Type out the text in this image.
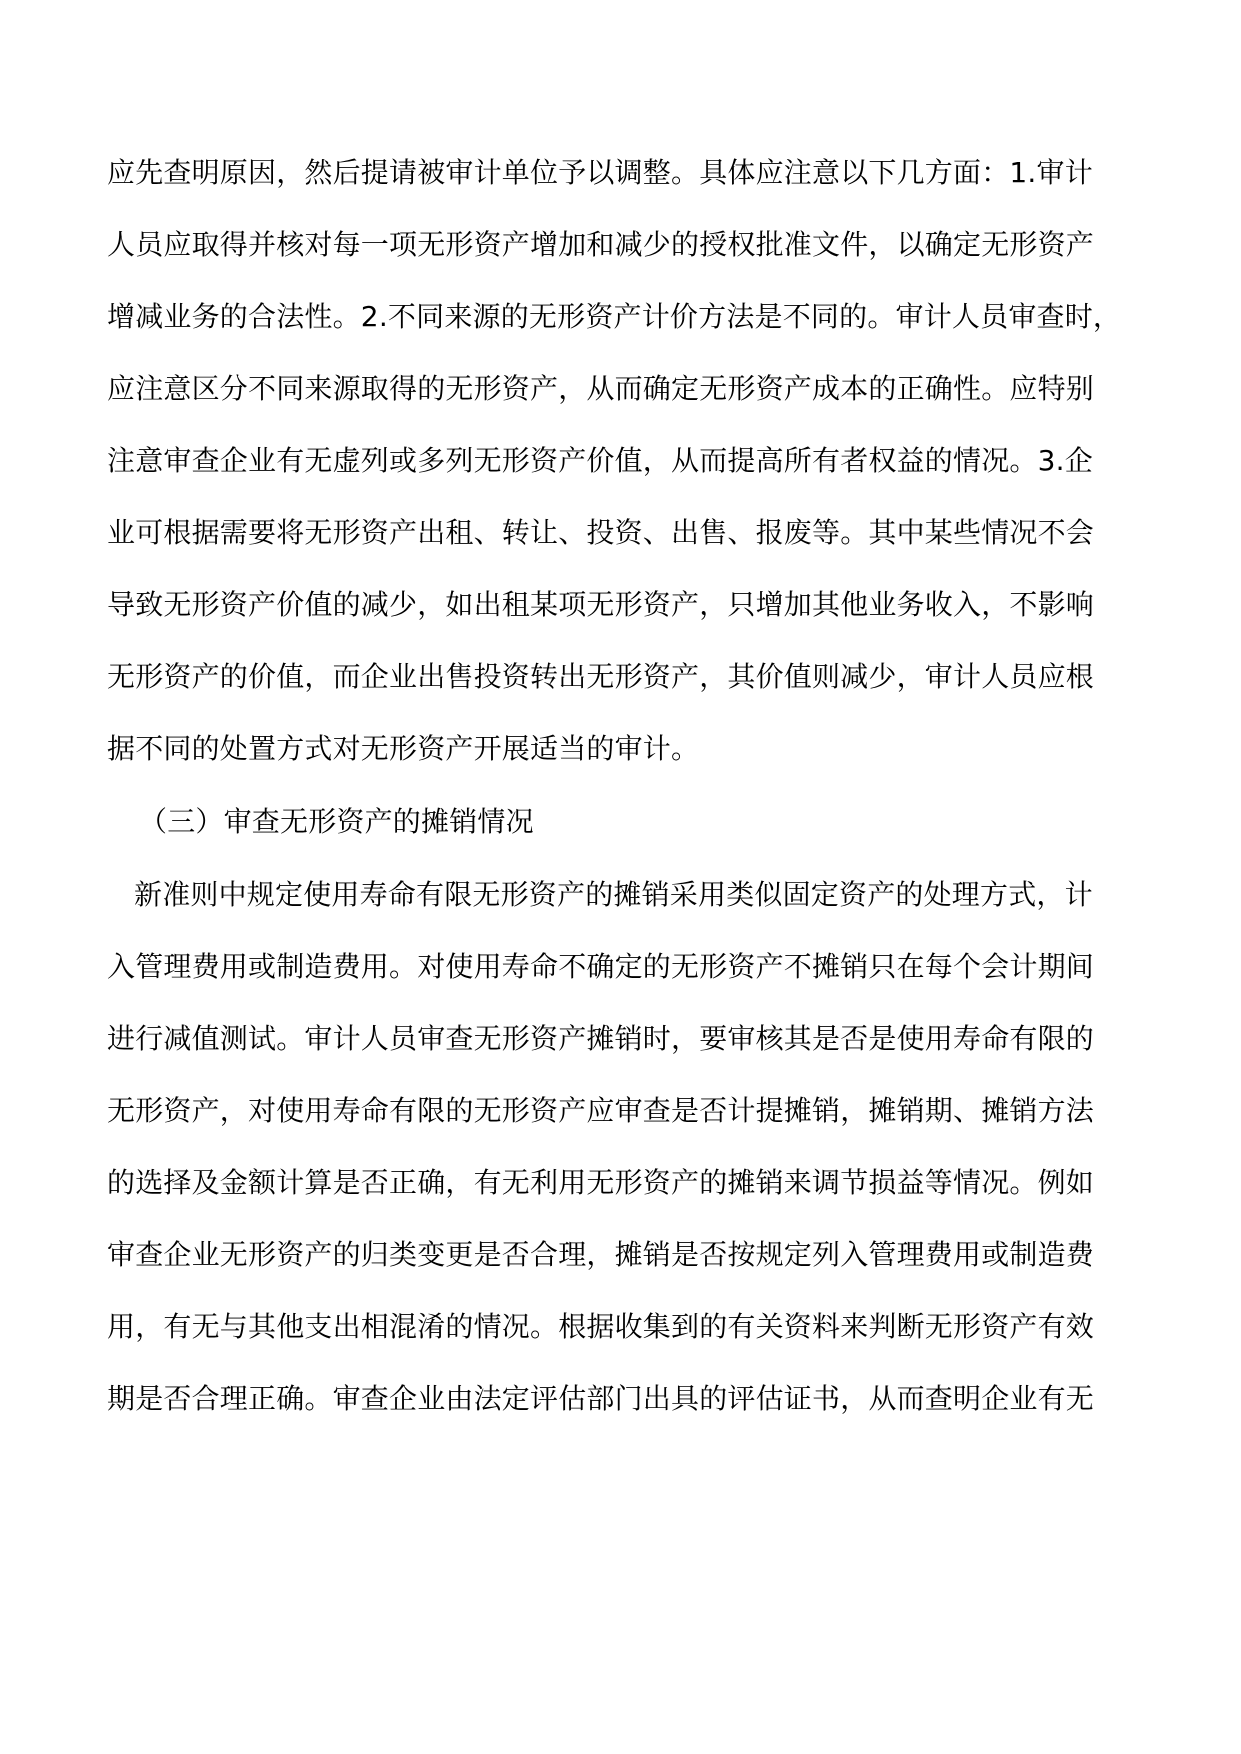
应先查明原因，然后提请被审计单位予以调整。具体应注意以下几方面：1.审计
人员应取得并核对每一项无形资产增加和减少的授权批准文件，以确定无形资产
增减业务的合法性。2.不同来源的无形资产计价方法是不同的。审计人员审查时，
应注意区分不同来源取得的无形资产，从而确定无形资产成本的正确性。应特别
注意审查企业有无虚列或多列无形资产价值，从而提高所有者权益的情况。3.企
业可根据需要将无形资产出租、转让、投资、出售、报废等。其中某些情况不会
导致无形资产价值的减少，如出租某项无形资产，只增加其他业务收入，不影响
无形资产的价值，而企业出售投资转出无形资产，其价值则减少，审计人员应根
据不同的处置方式对无形资产开展适当的审计。
（三）审查无形资产的摊销情况
新准则中规定使用寿命有限无形资产的摊销采用类似固定资产的处理方式，计
入管理费用或制造费用。对使用寿命不确定的无形资产不摊销只在每个会计期间
进行减值测试。审计人员审查无形资产摊销时，要审核其是否是使用寿命有限的
无形资产，对使用寿命有限的无形资产应审查是否计提摊销，摊销期、摊销方法
的选择及金额计算是否正确，有无利用无形资产的摊销来调节损益等情况。例如
审查企业无形资产的归类变更是否合理，摊销是否按规定列入管理费用或制造费
用，有无与其他支出相混淆的情况。根据收集到的有关资料来判断无形资产有效
期是否合理正确。审查企业由法定评估部门出具的评估证书，从而查明企业有无
